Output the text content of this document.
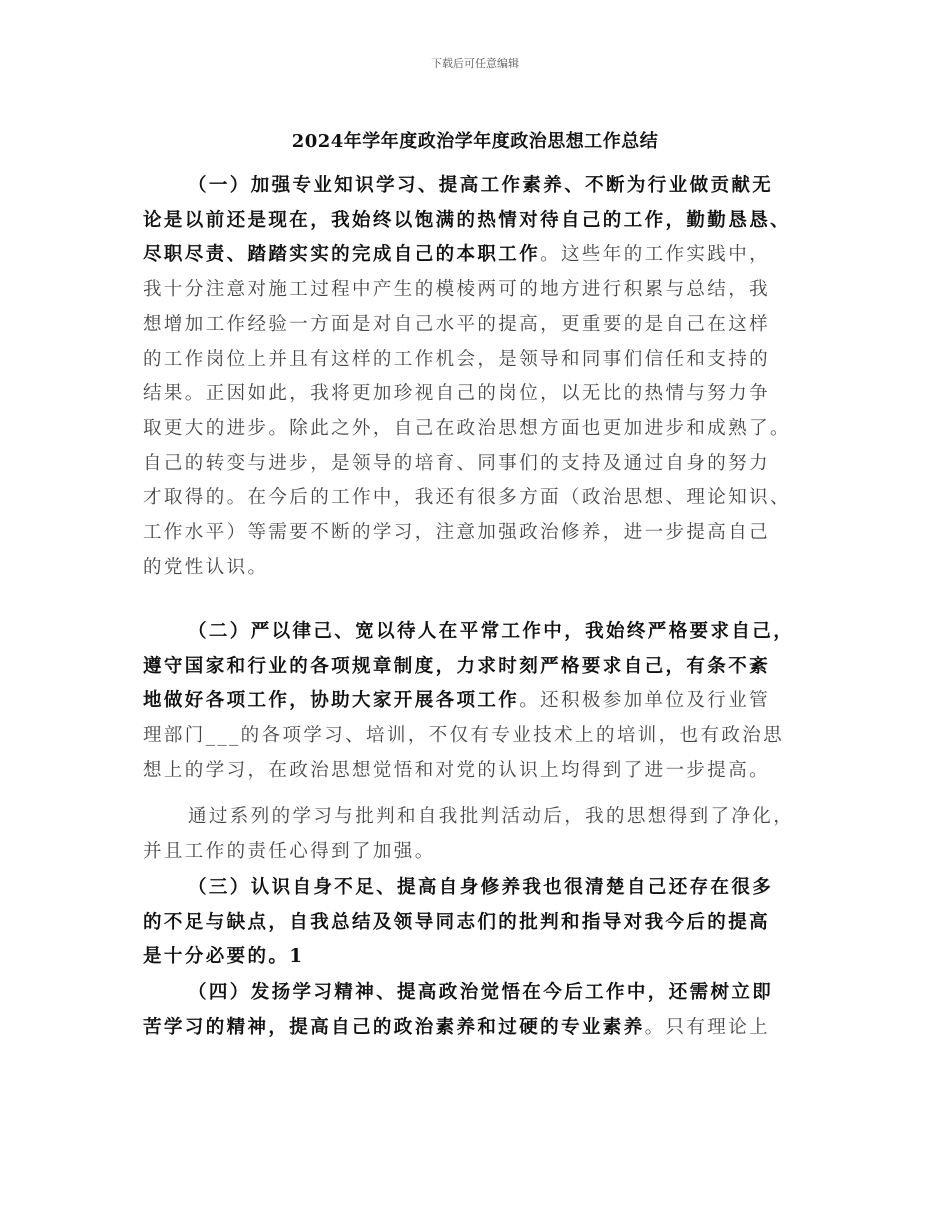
下载后可任意编辑
2024年学年度政治学年度政治思想工作总结
（一）加强专业知识学习、提高工作素养、不断为行业做贡献无
论是以前还是现在，我始终以饱满的热情对待自己的工作，勤勤恳恳、
尽职尽责、踏踏实实的完成自己的本职工作。这些年的工作实践中，
我十分注意对施工过程中产生的模棱两可的地方进行积累与总结，我
想增加工作经验一方面是对自己水平的提高，更重要的是自己在这样
的工作岗位上并且有这样的工作机会，是领导和同事们信任和支持的
结果。正因如此，我将更加珍视自己的岗位，以无比的热情与努力争
取更大的进步。除此之外，自己在政治思想方面也更加进步和成熟了。
自己的转变与进步，是领导的培育、同事们的支持及通过自身的努力
才取得的。在今后的工作中，我还有很多方面（政治思想、理论知识、
工作水平）等需要不断的学习，注意加强政治修养，进一步提高自己
的党性认识。
（二）严以律己、宽以待人在平常工作中，我始终严格要求自己，
遵守国家和行业的各项规章制度，力求时刻严格要求自己，有条不紊
地做好各项工作，协助大家开展各项工作。还积极参加单位及行业管
理部门___的各项学习、培训，不仅有专业技术上的培训，也有政治思
想上的学习，在政治思想觉悟和对党的认识上均得到了进一步提高。
通过系列的学习与批判和自我批判活动后，我的思想得到了净化，
并且工作的责任心得到了加强。
（三）认识自身不足、提高自身修养我也很清楚自己还存在很多
的不足与缺点，自我总结及领导同志们的批判和指导对我今后的提高
是十分必要的。1
（四）发扬学习精神、提高政治觉悟在今后工作中，还需树立即
苦学习的精神，提高自己的政治素养和过硬的专业素养。只有理论上
